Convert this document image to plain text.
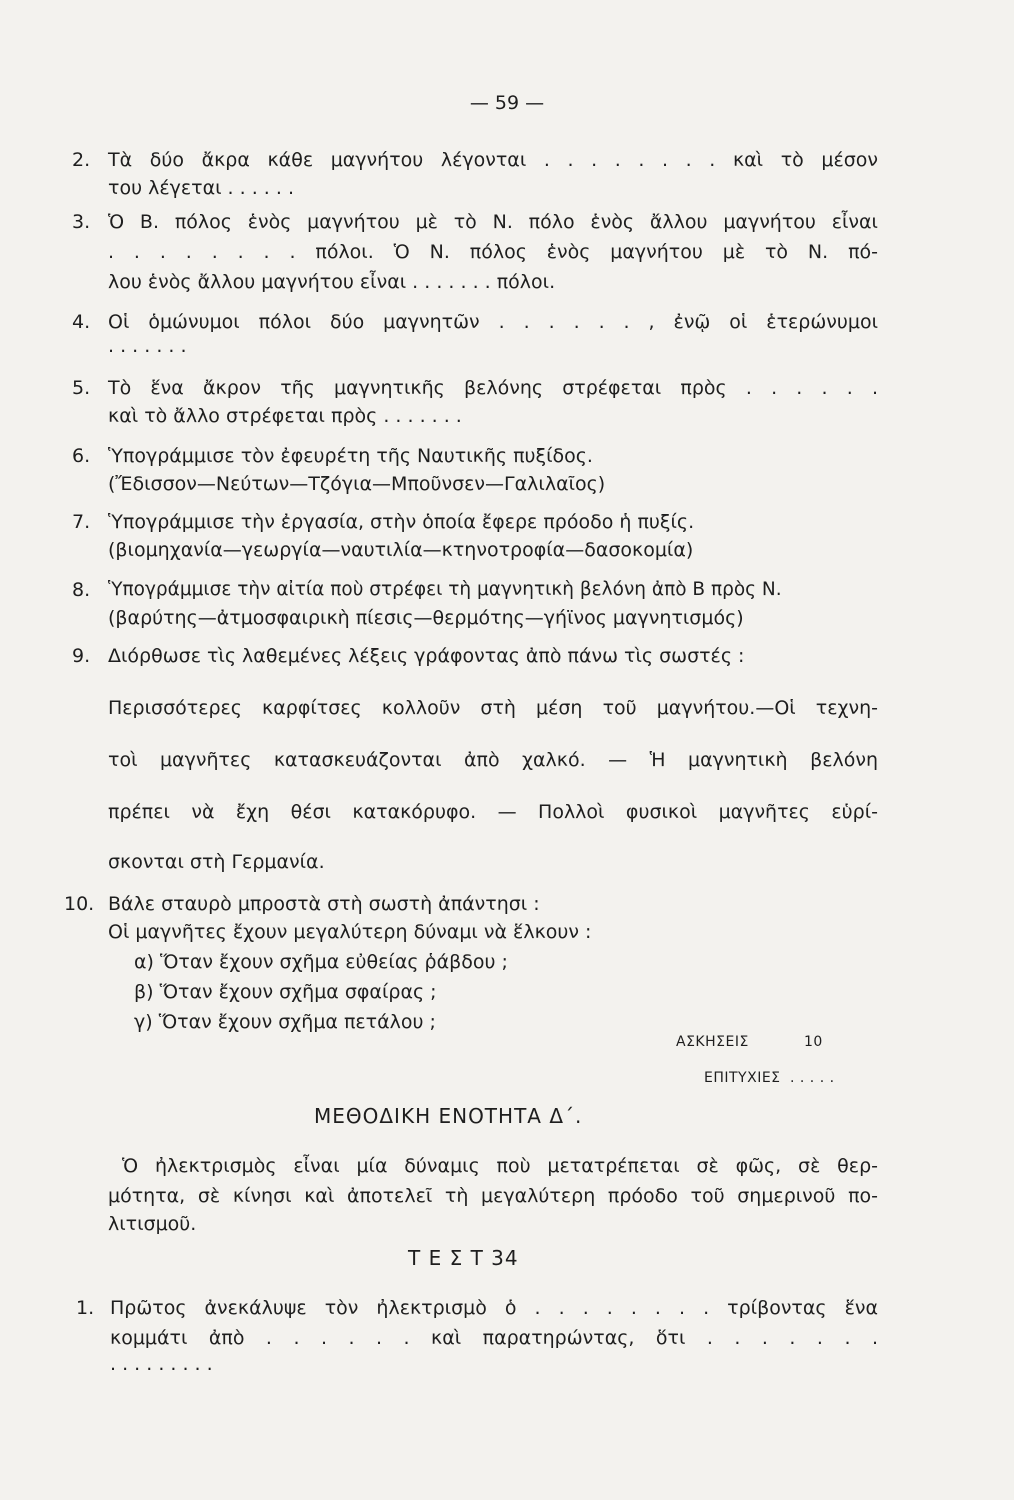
— 59 —
2. Τὰ δύο ἄκρα κάθε μαγνήτου λέγονται . . . . . . . . καὶ τὸ μέσον
του λέγεται . . . . . .
3. Ὁ Β. πόλος ἑνὸς μαγνήτου μὲ τὸ Ν. πόλο ἑνὸς ἄλλου μαγνήτου εἶναι
. . . . . . . . πόλοι. Ὁ Ν. πόλος ἑνὸς μαγνήτου μὲ τὸ Ν. πό-
λου ἑνὸς ἄλλου μαγνήτου εἶναι . . . . . . . πόλοι.
4. Οἱ ὁμώνυμοι πόλοι δύο μαγνητῶν . . . . . . , ἐνῷ οἱ ἑτερώνυμοι
. . . . . . .
5. Τὸ ἕνα ἄκρον τῆς μαγνητικῆς βελόνης στρέφεται πρὸς . . . . . .
καὶ τὸ ἄλλο στρέφεται πρὸς . . . . . . .
6. Ὑπογράμμισε τὸν ἐφευρέτη τῆς Ναυτικῆς πυξίδος.
(Ἔδισσον—Νεύτων—Τζόγια—Μποῦνσεν—Γαλιλαῖος)
7. Ὑπογράμμισε τὴν ἐργασία, στὴν ὁποία ἔφερε πρόοδο ἡ πυξίς.
(βιομηχανία—γεωργία—ναυτιλία—κτηνοτροφία—δασοκομία)
8. Ὑπογράμμισε τὴν αἰτία ποὺ στρέφει τὴ μαγνητικὴ βελόνη ἀπὸ Β πρὸς Ν.
(βαρύτης—ἀτμοσφαιρικὴ πίεσις—θερμότης—γήϊνος μαγνητισμός)
9. Διόρθωσε τὶς λαθεμένες λέξεις γράφοντας ἀπὸ πάνω τὶς σωστές :
Περισσότερες καρφίτσες κολλοῦν στὴ μέση τοῦ μαγνήτου.—Οἱ τεχνη-
τοὶ μαγνῆτες κατασκευάζονται ἀπὸ χαλκό. — Ἡ μαγνητικὴ βελόνη
πρέπει νὰ ἔχη θέσι κατακόρυφο. — Πολλοὶ φυσικοὶ μαγνῆτες εὑρί-
σκονται στὴ Γερμανία.
10. Βάλε σταυρὸ μπροστὰ στὴ σωστὴ ἀπάντησι :
Οἱ μαγνῆτες ἔχουν μεγαλύτερη δύναμι νὰ ἕλκουν :
α) Ὅταν ἔχουν σχῆμα εὐθείας ῥάβδου ;
β) Ὅταν ἔχουν σχῆμα σφαίρας ;
γ) Ὅταν ἔχουν σχῆμα πετάλου ;
ΑΣΚΗΣΕΙΣ	10
ΕΠΙΤΥΧΙΕΣ . . . . .
ΜΕΘΟΔΙΚΗ ΕΝΟΤΗΤΑ Δ΄.
Ὁ ἠλεκτρισμὸς εἶναι μία δύναμις ποὺ μετατρέπεται σὲ φῶς, σὲ θερ-
μότητα, σὲ κίνησι καὶ ἀποτελεῖ τὴ μεγαλύτερη πρόοδο τοῦ σημερινοῦ πο-
λιτισμοῦ.
Τ Ε Σ Τ 34
1. Πρῶτος ἀνεκάλυψε τὸν ἠλεκτρισμὸ ὁ . . . . . . . . τρίβοντας ἕνα
κομμάτι ἀπὸ . . . . . . καὶ παρατηρώντας, ὅτι . . . . . . .
. . . . . . . . .
